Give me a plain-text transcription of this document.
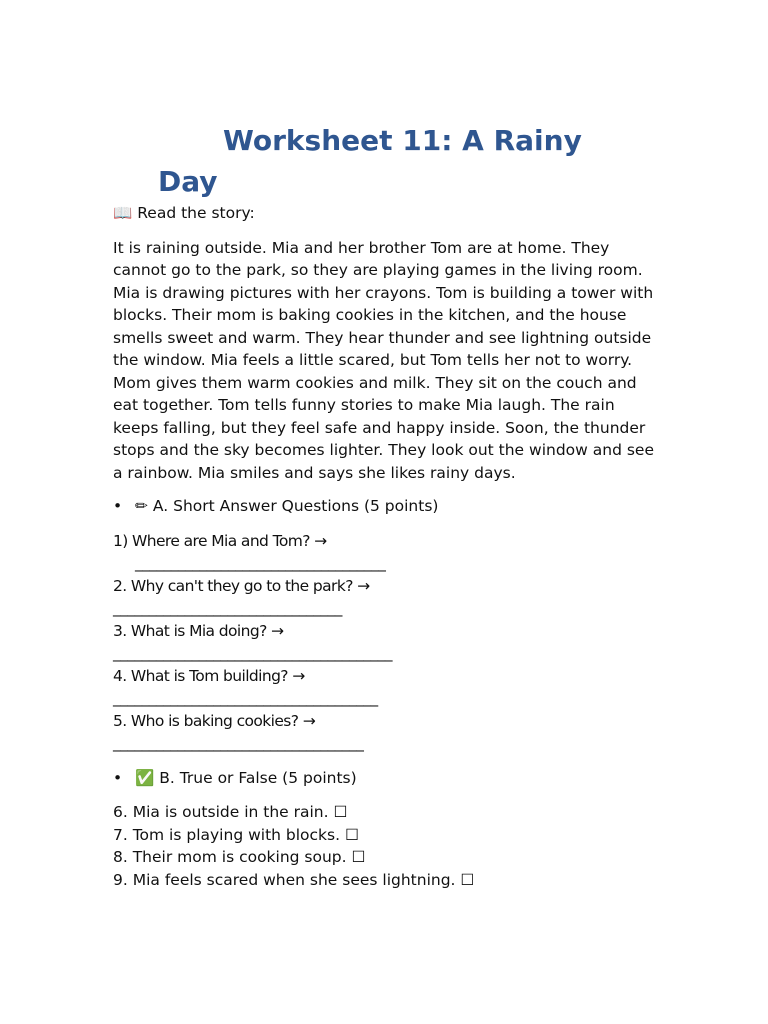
Worksheet 11: A Rainy Day

📖 Read the story:

It is raining outside. Mia and her brother Tom are at home. They cannot go to the park, so they are playing games in the living room. Mia is drawing pictures with her crayons. Tom is building a tower with blocks. Their mom is baking cookies in the kitchen, and the house smells sweet and warm. They hear thunder and see lightning outside the window. Mia feels a little scared, but Tom tells her not to worry. Mom gives them warm cookies and milk. They sit on the couch and eat together. Tom tells funny stories to make Mia laugh. The rain keeps falling, but they feel safe and happy inside. Soon, the thunder stops and the sky becomes lighter. They look out the window and see a rainbow. Mia smiles and says she likes rainy days.

• ✏ A. Short Answer Questions (5 points)
1) Where are Mia and Tom? →
___________________________________
2. Why can't they go to the park? →
________________________________
3. What is Mia doing? →
_______________________________________
4. What is Tom building? →
_____________________________________
5. Who is baking cookies? →
___________________________________
• ✅ B. True or False (5 points)
6. Mia is outside in the rain. ☐
7. Tom is playing with blocks. ☐
8. Their mom is cooking soup. ☐
9. Mia feels scared when she sees lightning. ☐
